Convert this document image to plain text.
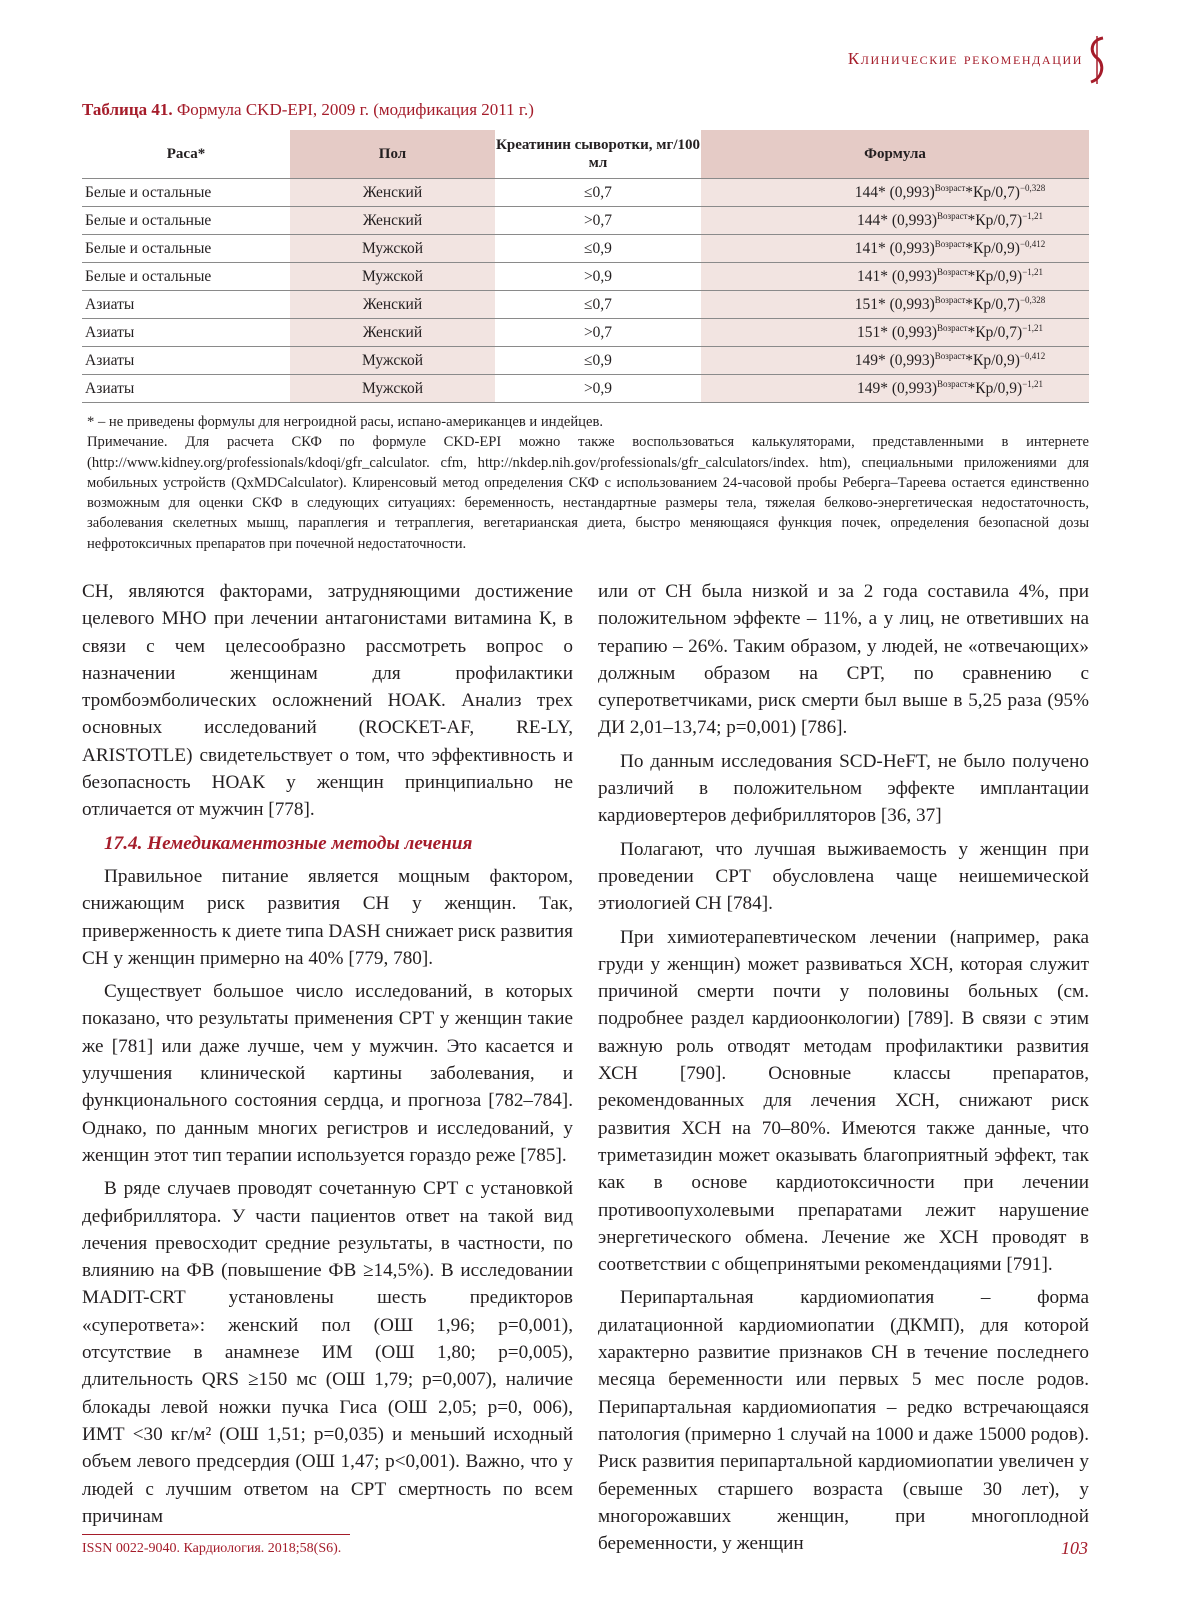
Клинические рекомендации
Таблица 41. Формула CKD-EPI, 2009 г. (модификация 2011 г.)
Раса*	Пол	Креатинин сыворотки, мг/100 мл	Формула
Белые и остальные	Женский	≤0,7	144* $(0,993)^{Возраст}*Кр/0,7)^{-0,328}$
Белые и остальные	Женский	>0,7	144* $(0,993)^{Возраст}*Кр/0,7)^{-1,21}$
Белые и остальные	Мужской	≤0,9	141* $(0,993)^{Возраст}*Кр/0,9)^{-0,412}$
Белые и остальные	Мужской	>0,9	141* $(0,993)^{Возраст}*Кр/0,9)^{-1,21}$
Азиаты	Женский	≤0,7	151* $(0,993)^{Возраст}*Кр/0,7)^{-0,328}$
Азиаты	Женский	>0,7	151* $(0,993)^{Возраст}*Кр/0,7)^{-1,21}$
Азиаты	Мужской	≤0,9	149* $(0,993)^{Возраст}*Кр/0,9)^{-0,412}$
Азиаты	Мужской	>0,9	149* $(0,993)^{Возраст}*Кр/0,9)^{-1,21}$

* – не приведены формулы для негроидной расы, испано-американцев и индейцев.

Примечание. Для расчета СКФ по формуле CKD-EPI можно также воспользоваться калькуляторами, представленными в интернете (http://www.kidney.org/professionals/kdoqi/gfr_calculator. cfm, http://nkdep.nih.gov/professionals/gfr_calculators/index. htm), специальными приложениями для мобильных устройств (QxMDCalculator). Клиренсовый метод определения СКФ с использованием 24-часовой пробы Реберга–Тареева остается единственно возможным для оценки СКФ в следующих ситуациях: беременность, нестандартные размеры тела, тяжелая белково-энергетическая недостаточность, заболевания скелетных мышц, параплегия и тетраплегия, вегетарианская диета, быстро меняющаяся функция почек, определения безопасной дозы нефротоксичных препаратов при почечной недостаточности.

СН, являются факторами, затрудняющими достижение целевого МНО при лечении антагонистами витамина К, в связи с чем целесообразно рассмотреть вопрос о назначении женщинам для профилактики тромбоэмболических осложнений НОАК. Анализ трех основных исследований (ROCKET-AF, RE-LY, ARISTOTLE) свидетельствует о том, что эффективность и безопасность НОАК у женщин принципиально не отличается от мужчин [778].

17.4. Немедикаментозные методы лечения

Правильное питание является мощным фактором, снижающим риск развития СН у женщин. Так, приверженность к диете типа DASH снижает риск развития СН у женщин примерно на 40% [779, 780].

Существует большое число исследований, в которых показано, что результаты применения СРТ у женщин такие же [781] или даже лучше, чем у мужчин. Это касается и улучшения клинической картины заболевания, и функционального состояния сердца, и прогноза [782–784]. Однако, по данным многих регистров и исследований, у женщин этот тип терапии используется гораздо реже [785].

В ряде случаев проводят сочетанную СРТ с установкой дефибриллятора. У части пациентов ответ на такой вид лечения превосходит средние результаты, в частности, по влиянию на ФВ (повышение ФВ ≥14,5%). В исследовании MADIT-CRT установлены шесть предикторов «суперответа»: женский пол (ОШ 1,96; p=0,001), отсутствие в анамнезе ИМ (ОШ 1,80; p=0,005), длительность QRS ≥150 мс (ОШ 1,79; p=0,007), наличие блокады левой ножки пучка Гиса (ОШ 2,05; p=0, 006), ИМТ <30 кг/м² (ОШ 1,51; p=0,035) и меньший исходный объем левого предсердия (ОШ 1,47; p<0,001). Важно, что у людей с лучшим ответом на СРТ смертность по всем причинам

или от СН была низкой и за 2 года составила 4%, при положительном эффекте – 11%, а у лиц, не ответивших на терапию – 26%. Таким образом, у людей, не «отвечающих» должным образом на СРТ, по сравнению с суперответчиками, риск смерти был выше в 5,25 раза (95% ДИ 2,01–13,74; p=0,001) [786].

По данным исследования SCD-HeFT, не было получено различий в положительном эффекте имплантации кардиовертеров дефибрилляторов [36, 37]

Полагают, что лучшая выживаемость у женщин при проведении СРТ обусловлена чаще неишемической этиологией СН [784].

При химиотерапевтическом лечении (например, рака груди у женщин) может развиваться ХСН, которая служит причиной смерти почти у половины больных (см. подробнее раздел кардиоонкологии) [789]. В связи с этим важную роль отводят методам профилактики развития ХСН [790]. Основные классы препаратов, рекомендованных для лечения ХСН, снижают риск развития ХСН на 70–80%. Имеются также данные, что триметазидин может оказывать благоприятный эффект, так как в основе кардиотоксичности при лечении противоопухолевыми препаратами лежит нарушение энергетического обмена. Лечение же ХСН проводят в соответствии с общепринятыми рекомендациями [791].

Перипартальная кардиомиопатия – форма дилатационной кардиомиопатии (ДКМП), для которой характерно развитие признаков СН в течение последнего месяца беременности или первых 5 мес после родов. Перипартальная кардиомиопатия – редко встречающаяся патология (примерно 1 случай на 1000 и даже 15000 родов). Риск развития перипартальной кардиомиопатии увеличен у беременных старшего возраста (свыше 30 лет), у многорожавших женщин, при многоплодной беременности, у женщин

ISSN 0022-9040. Кардиология. 2018;58(S6).	103
